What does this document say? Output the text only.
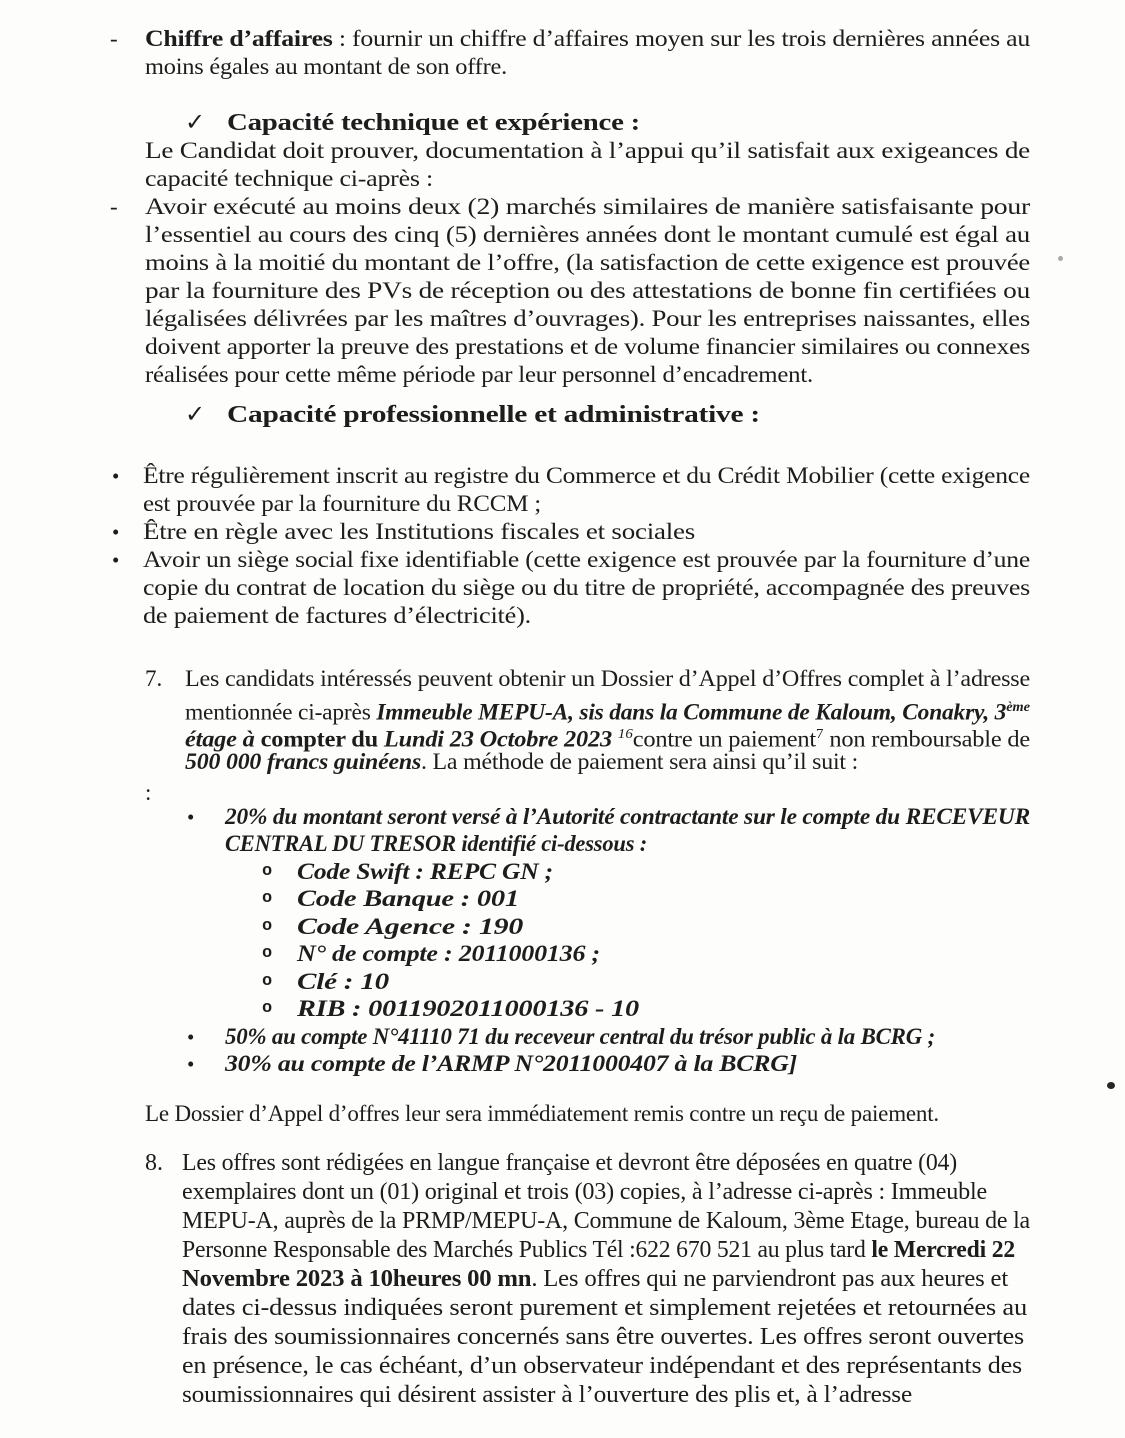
Chiffre d’affaires : fournir un chiffre d’affaires moyen sur les trois dernières années au
-
moins égales au montant de son offre.
Capacité technique et expérience :
✓
Le Candidat doit prouver, documentation à l’appui qu’il satisfait aux exigeances de
capacité technique ci-après :
Avoir exécuté au moins deux (2) marchés similaires de manière satisfaisante pour
-
l’essentiel au cours des cinq (5) dernières années dont le montant cumulé est égal au
moins à la moitié du montant de l’offre, (la satisfaction de cette exigence est prouvée
par la fourniture des PVs de réception ou des attestations de bonne fin certifiées ou
légalisées délivrées par les maîtres d’ouvrages). Pour les entreprises naissantes, elles
doivent apporter la preuve des prestations et de volume financier similaires ou connexes
réalisées pour cette même période par leur personnel d’encadrement.
Capacité professionnelle et administrative :
✓
Être régulièrement inscrit au registre du Commerce et du Crédit Mobilier (cette exigence
•
est prouvée par la fourniture du RCCM ;
Être en règle avec les Institutions fiscales et sociales
•
Avoir un siège social fixe identifiable (cette exigence est prouvée par la fourniture d’une
•
copie du contrat de location du siège ou du titre de propriété, accompagnée des preuves
de paiement de factures d’électricité).
Les candidats intéressés peuvent obtenir un Dossier d’Appel d’Offres complet à l’adresse
7.
mentionnée ci-après Immeuble MEPU-A, sis dans la Commune de Kaloum, Conakry, 3ème
étage à compter du Lundi 23 Octobre 2023 $^{16}$contre un paiement$^7$ non remboursable de
500 000 francs guinéens. La méthode de paiement sera ainsi qu’il suit :
:
20% du montant seront versé à l’Autorité contractante sur le compte du RECEVEUR
•
CENTRAL DU TRESOR identifié ci-dessous :
Code Swift : REPC GN ;
o
Code Banque : 001
o
Code Agence : 190
o
N° de compte : 2011000136 ;
o
Clé : 10
o
RIB : 0011902011000136 - 10
o
50% au compte N°41110 71 du receveur central du trésor public à la BCRG ;
•
30% au compte de l’ARMP N°2011000407 à la BCRG]
•
Le Dossier d’Appel d’offres leur sera immédiatement remis contre un reçu de paiement.
Les offres sont rédigées en langue française et devront être déposées en quatre (04)
8.
exemplaires dont un (01) original et trois (03) copies, à l’adresse ci-après : Immeuble
MEPU-A, auprès de la PRMP/MEPU-A, Commune de Kaloum, 3ème Etage, bureau de la
Personne Responsable des Marchés Publics Tél :622 670 521 au plus tard le Mercredi 22
Novembre 2023 à 10heures 00 mn. Les offres qui ne parviendront pas aux heures et
dates ci-dessus indiquées seront purement et simplement rejetées et retournées au
frais des soumissionnaires concernés sans être ouvertes. Les offres seront ouvertes
en présence, le cas échéant, d’un observateur indépendant et des représentants des
soumissionnaires qui désirent assister à l’ouverture des plis et, à l’adresse
